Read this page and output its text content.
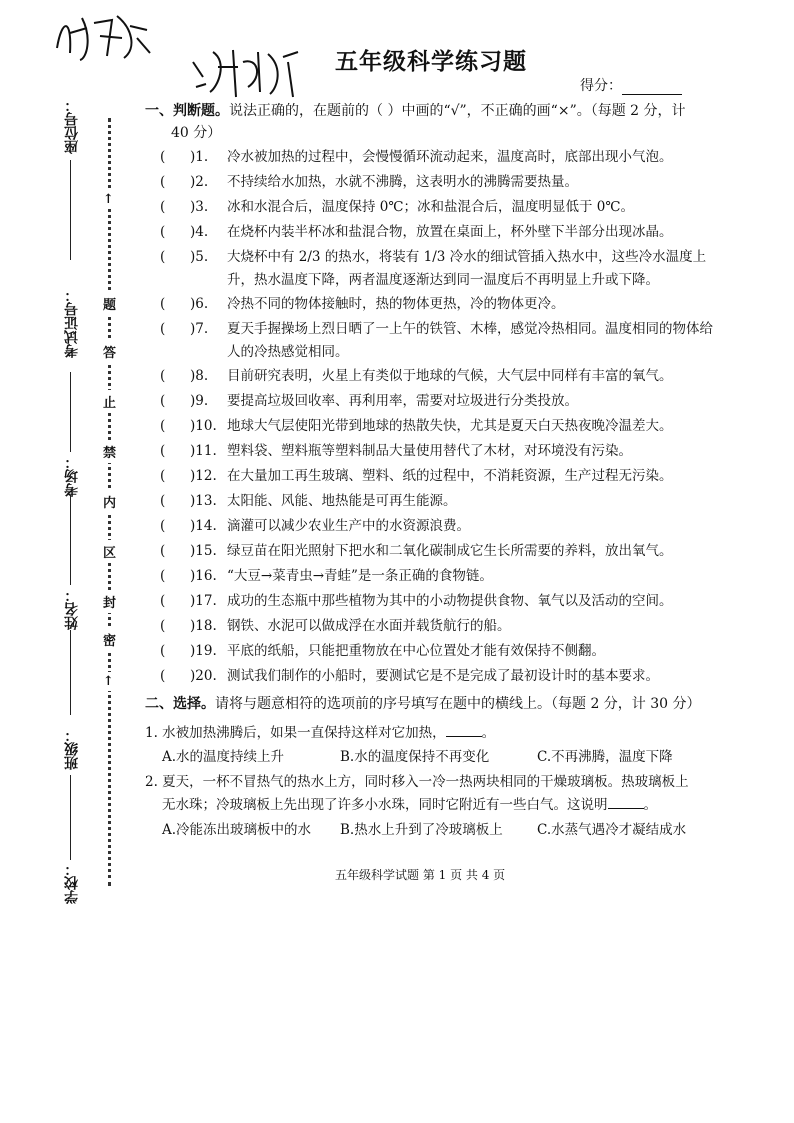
五年级科学练习题
得分：
座位号：
考试证号：
考场：
姓名：
班级：
学校：
↑
题
答
止
禁
内
区
封
密
↑
一、判断题。说法正确的，在题前的（ ）中画的“√”，不正确的画“×”。（每题 2 分，计
40 分）
( )1. 冷水被加热的过程中，会慢慢循环流动起来，温度高时，底部出现小气泡。
( )2. 不持续给水加热，水就不沸腾，这表明水的沸腾需要热量。
( )3. 冰和水混合后，温度保持 0℃；冰和盐混合后，温度明显低于 0℃。
( )4. 在烧杯内装半杯冰和盐混合物，放置在桌面上，杯外壁下半部分出现冰晶。
( )5. 大烧杯中有 2/3 的热水，将装有 1/3 冷水的细试管插入热水中，这些冷水温度上升，热水温度下降，两者温度逐渐达到同一温度后不再明显上升或下降。
( )6. 冷热不同的物体接触时，热的物体更热，冷的物体更冷。
( )7. 夏天手握操场上烈日晒了一上午的铁管、木棒，感觉冷热相同。温度相同的物体给人的冷热感觉相同。
( )8. 目前研究表明，火星上有类似于地球的气候，大气层中同样有丰富的氧气。
( )9. 要提高垃圾回收率、再利用率，需要对垃圾进行分类投放。
( )10. 地球大气层使阳光带到地球的热散失快，尤其是夏天白天热夜晚冷温差大。
( )11. 塑料袋、塑料瓶等塑料制品大量使用替代了木材，对环境没有污染。
( )12. 在大量加工再生玻璃、塑料、纸的过程中，不消耗资源，生产过程无污染。
( )13. 太阳能、风能、地热能是可再生能源。
( )14. 滴灌可以减少农业生产中的水资源浪费。
( )15. 绿豆苗在阳光照射下把水和二氧化碳制成它生长所需要的养料，放出氧气。
( )16. “大豆→菜青虫→青蛙”是一条正确的食物链。
( )17. 成功的生态瓶中那些植物为其中的小动物提供食物、氧气以及活动的空间。
( )18. 钢铁、水泥可以做成浮在水面并载货航行的船。
( )19. 平底的纸船，只能把重物放在中心位置处才能有效保持不侧翻。
( )20. 测试我们制作的小船时，要测试它是不是完成了最初设计时的基本要求。
二、选择。请将与题意相符的选项前的序号填写在题中的横线上。（每题 2 分，计 30 分）
1. 水被加热沸腾后，如果一直保持这样对它加热，	。
A.水的温度持续上升	B.水的温度保持不再变化	C.不再沸腾，温度下降
2. 夏天，一杯不冒热气的热水上方，同时移入一冷一热两块相同的干燥玻璃板。热玻璃板上
无水珠；冷玻璃板上先出现了许多小水珠，同时它附近有一些白气。这说明	。
A.冷能冻出玻璃板中的水 B.热水上升到了冷玻璃板上	C.水蒸气遇冷才凝结成水
五年级科学试题 第 1 页 共 4 页
